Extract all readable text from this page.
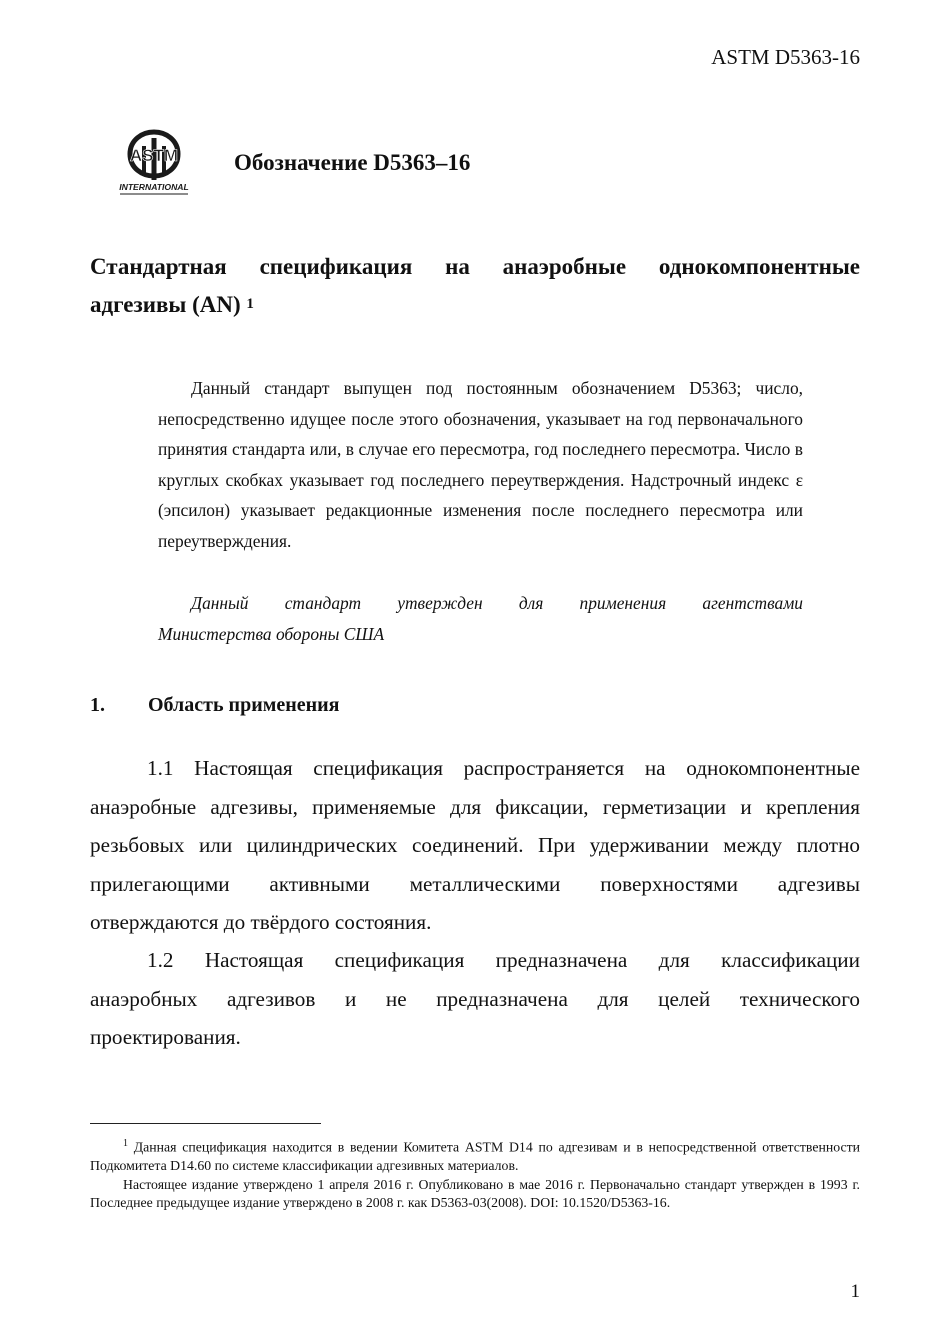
ASTM D5363-16
ASTM
INTERNATIONAL
Обозначение D5363–16
Стандартная спецификация на анаэробные однокомпонентные
адгезивы (AN) $^1$
Данный стандарт выпущен под постоянным обозначением D5363; число, непосредственно идущее после этого обозначения, указывает на год первоначального принятия стандарта или, в случае его пересмотра, год последнего пересмотра. Число в круглых скобках указывает год последнего переутверждения. Надстрочный индекс ε (эпсилон) указывает редакционные изменения после последнего пересмотра или переутверждения.
Данный стандарт утвержден для применения агентствами
Министерства обороны США
1. Область применения
1.1 Настоящая спецификация распространяется на однокомпонентные
анаэробные адгезивы, применяемые для фиксации, герметизации и крепления
резьбовых или цилиндрических соединений. При удерживании между плотно
прилегающими активными металлическими поверхностями адгезивы
отверждаются до твёрдого состояния.
1.2 Настоящая спецификация предназначена для классификации
анаэробных адгезивов и не предназначена для целей технического
проектирования.
$^1$ Данная спецификация находится в ведении Комитета ASTM D14 по адгезивам и в непосредственной ответственности Подкомитета D14.60 по системе классификации адгезивных материалов.
Настоящее издание утверждено 1 апреля 2016 г. Опубликовано в мае 2016 г. Первоначально стандарт утвержден в 1993 г. Последнее предыдущее издание утверждено в 2008 г. как D5363-03(2008). DOI: 10.1520/D5363-16.
1
